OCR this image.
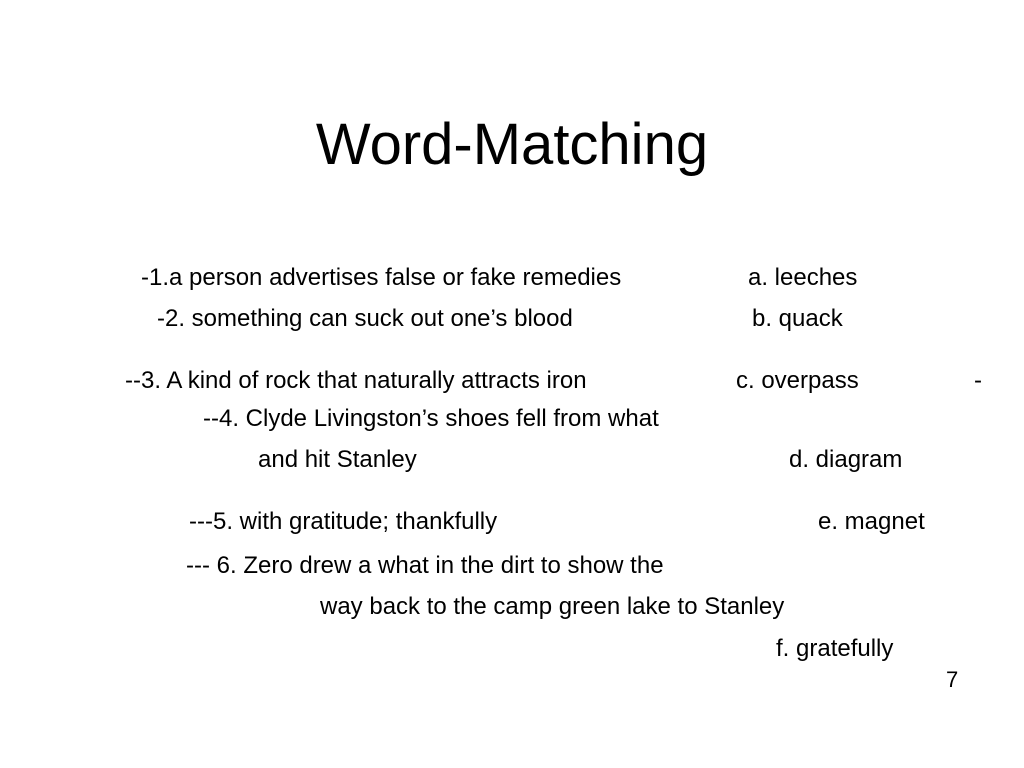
Word-Matching
-1.a person advertises false or fake remedies	a. leeches
-2. something can suck out one’s blood	b. quack
--3. A kind of rock that naturally attracts iron	c. overpass	-
--4. Clyde Livingston’s shoes fell from what
and hit Stanley	d. diagram
---5. with gratitude; thankfully	e. magnet
--- 6. Zero drew a what in the dirt to show the
way back to the camp green lake to Stanley
f. gratefully
7
